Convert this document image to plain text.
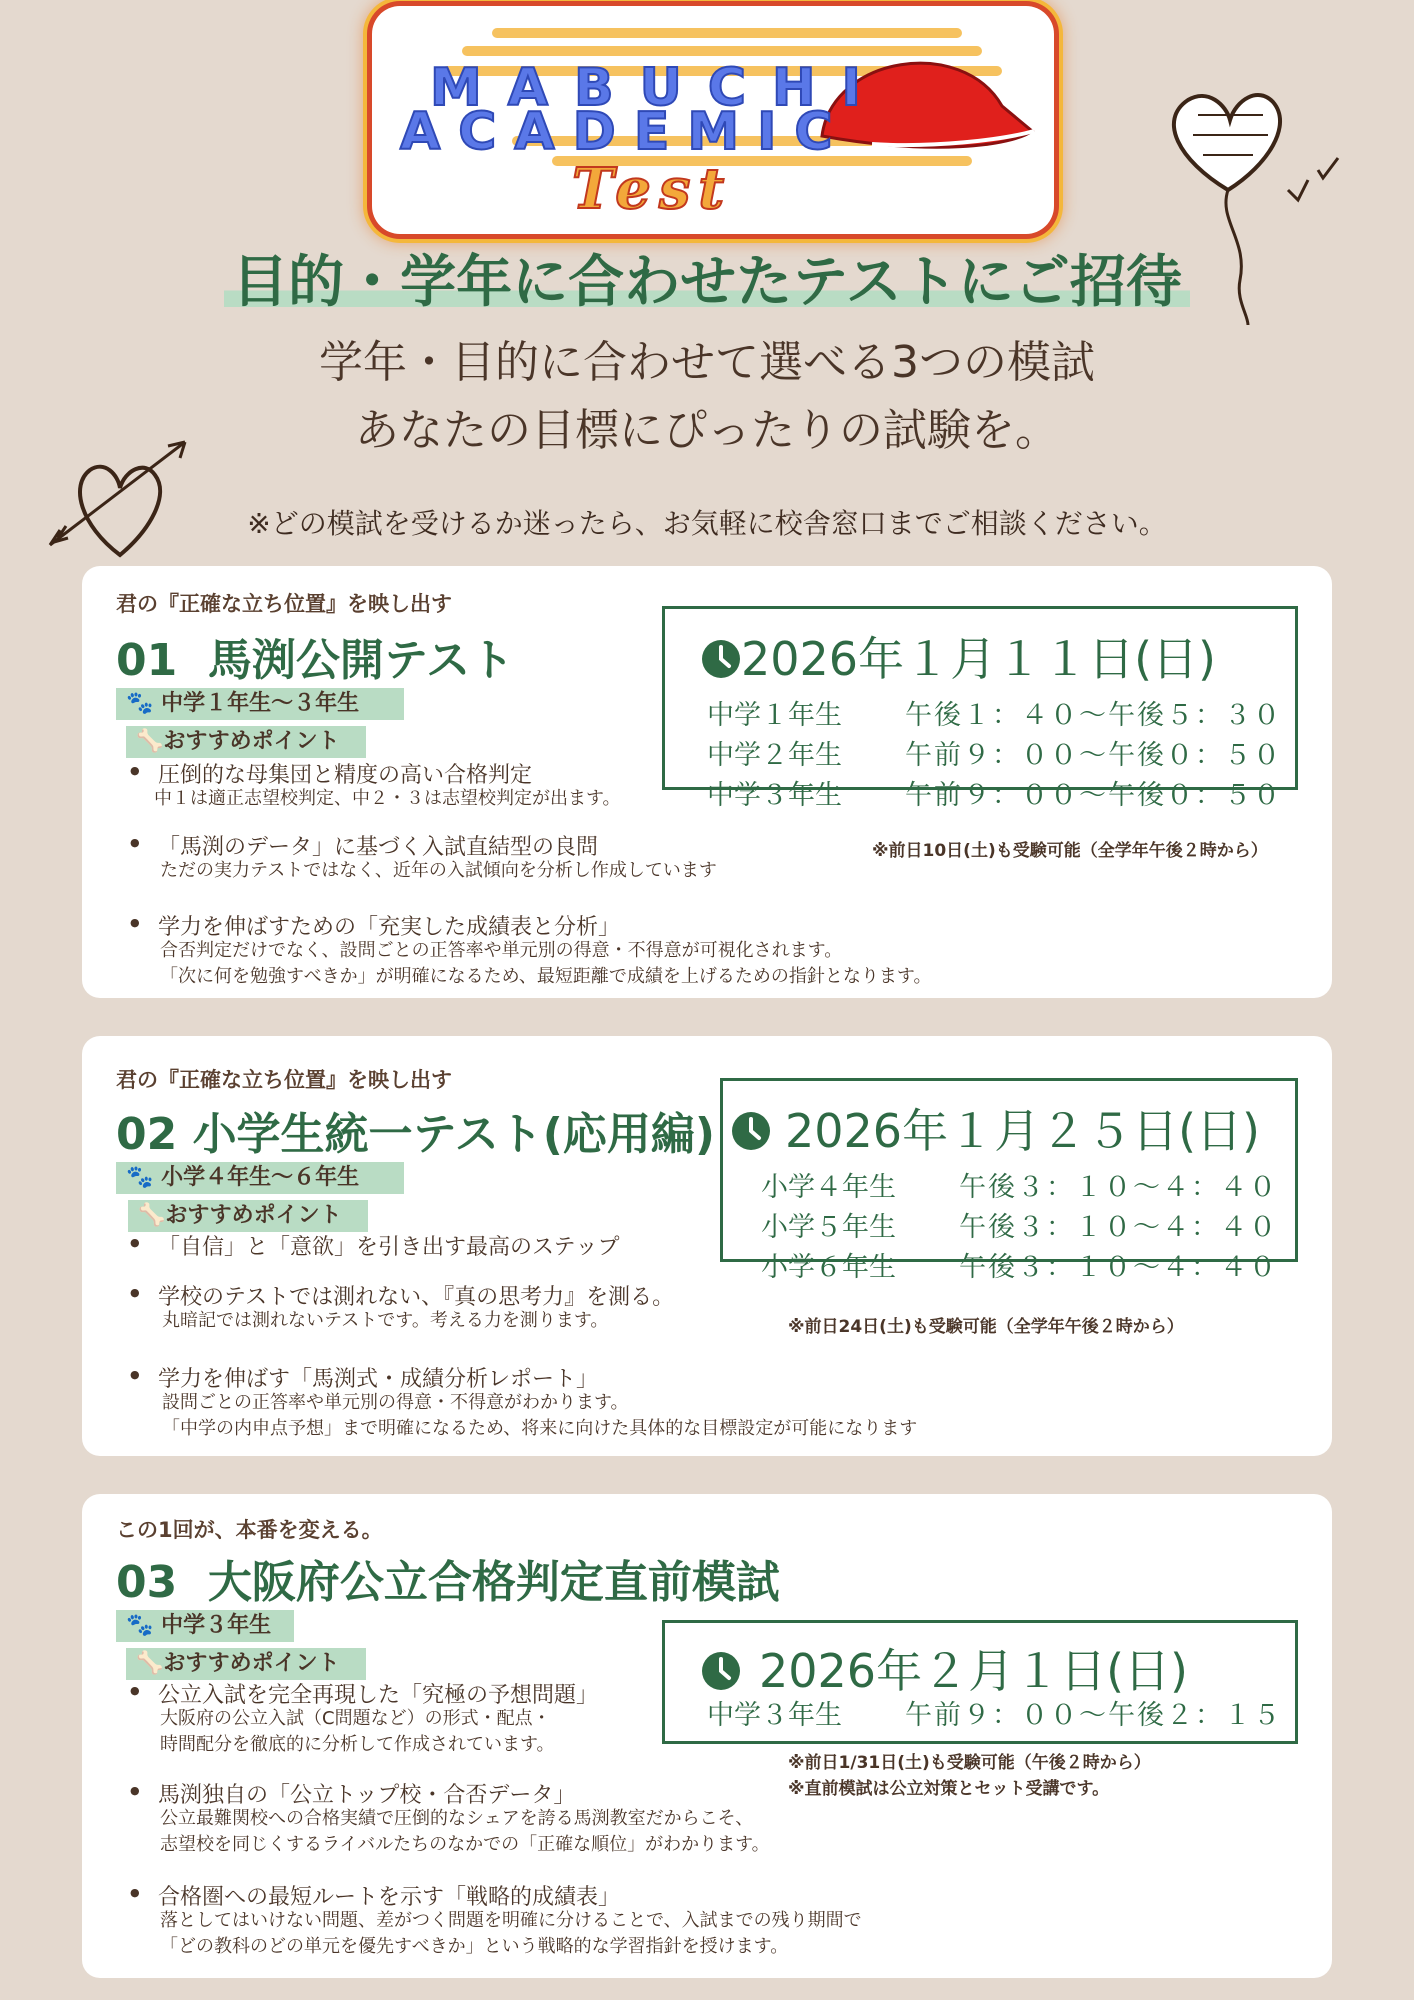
MABUCHI
ACADEMIC
Test
目的・学年に合わせたテストにご招待
学年・目的に合わせて選べる3つの模試
あなたの目標にぴったりの試験を。
※どの模試を受けるか迷ったら、お気軽に校舎窓口までご相談ください。
君の『正確な立ち位置』を映し出す
01 馬渕公開テスト
🐾 中学１年生～３年生
🦴おすすめポイント
● 圧倒的な母集団と精度の高い合格判定
中１は適正志望校判定、中２・３は志望校判定が出ます。
● 「馬渕のデータ」に基づく入試直結型の良問
ただの実力テストではなく、近年の入試傾向を分析し作成しています
● 学力を伸ばすための「充実した成績表と分析」
合否判定だけでなく、設問ごとの正答率や単元別の得意・不得意が可視化されます。
「次に何を勉強すべきか」が明確になるため、最短距離で成績を上げるための指針となります。
2026年１月１１日(日)
中学１年生 午後１：４０～午後５：３０
中学２年生 午前９：００～午後０：５０
中学３年生 午前９：００～午後０：５０
※前日10日(土)も受験可能（全学年午後２時から）
君の『正確な立ち位置』を映し出す
02 小学生統一テスト(応用編)
🐾 小学４年生～６年生
🦴おすすめポイント
● 「自信」と「意欲」を引き出す最高のステップ
● 学校のテストでは測れない、『真の思考力』を測る。
丸暗記では測れないテストです。考える力を測ります。
● 学力を伸ばす「馬渕式・成績分析レポート」
設問ごとの正答率や単元別の得意・不得意がわかります。
「中学の内申点予想」まで明確になるため、将来に向けた具体的な目標設定が可能になります
2026年１月２５日(日)
小学４年生 午後３：１０～４：４０
小学５年生 午後３：１０～４：４０
小学６年生 午後３：１０～４：４０
※前日24日(土)も受験可能（全学年午後２時から）
この1回が、本番を変える。
03 大阪府公立合格判定直前模試
🐾 中学３年生
🦴おすすめポイント
● 公立入試を完全再現した「究極の予想問題」
大阪府の公立入試（C問題など）の形式・配点・
時間配分を徹底的に分析して作成されています。
● 馬渕独自の「公立トップ校・合否データ」
公立最難関校への合格実績で圧倒的なシェアを誇る馬渕教室だからこそ、
志望校を同じくするライバルたちのなかでの「正確な順位」がわかります。
● 合格圏への最短ルートを示す「戦略的成績表」
落としてはいけない問題、差がつく問題を明確に分けることで、入試までの残り期間で
「どの教科のどの単元を優先すべきか」という戦略的な学習指針を授けます。
2026年２月１日(日)
中学３年生 午前９：００～午後２：１５
※前日1/31日(土)も受験可能（午後２時から）
※直前模試は公立対策とセット受講です。
